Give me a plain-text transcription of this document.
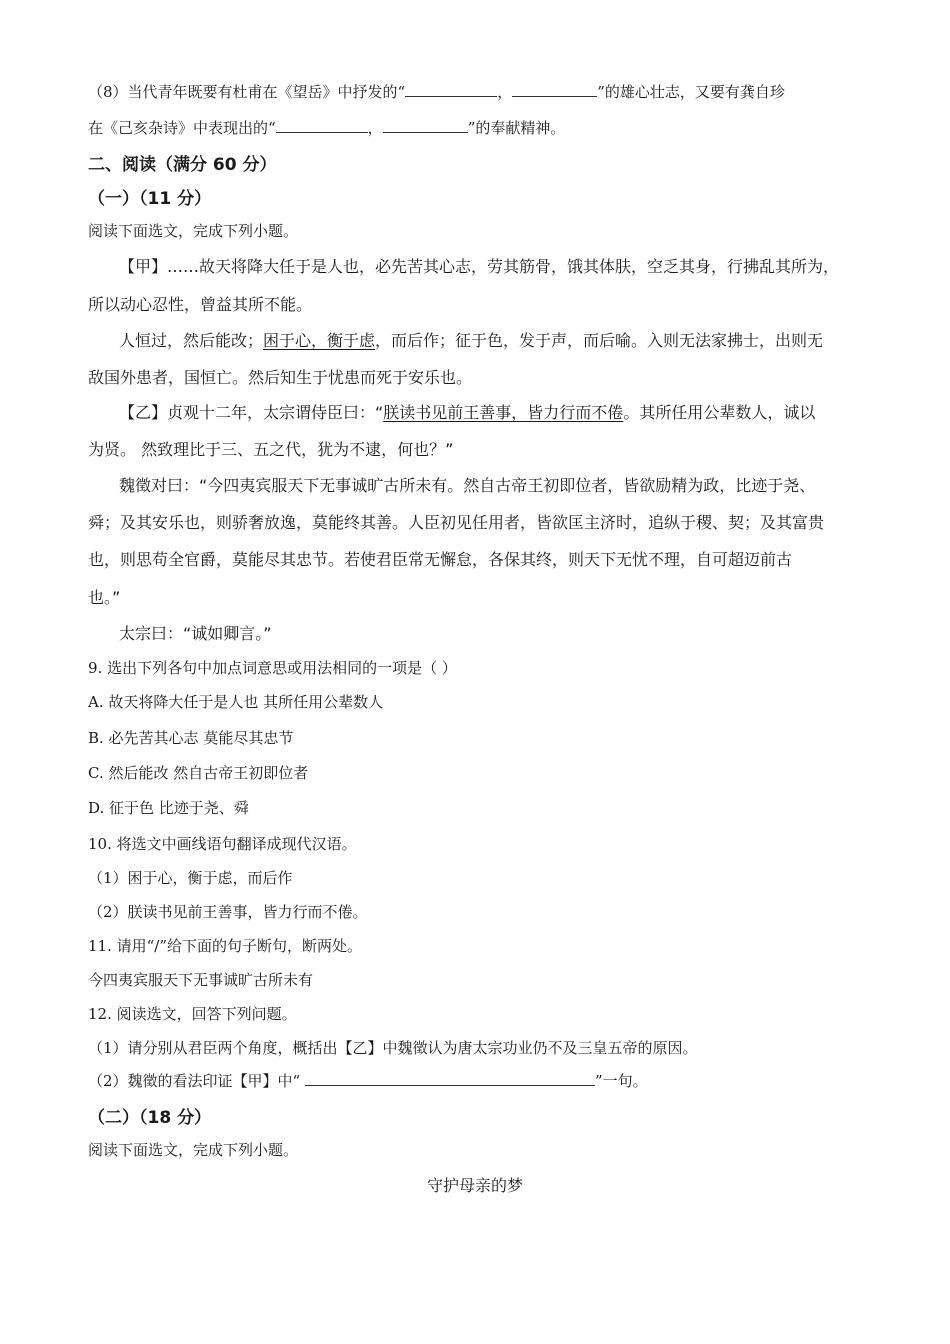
（8）当代青年既要有杜甫在《望岳》中抒发的“	，	”的雄心壮志，又要有龚自珍
在《己亥杂诗》中表现出的“	，	”的奉献精神。
二、阅读（满分 60 分）
（一）（11 分）
阅读下面选文，完成下列小题。
【甲】……故天将降大任于是人也，必先苦其心志，劳其筋骨，饿其体肤，空乏其身，行拂乱其所为，
所以动心忍性，曾益其所不能。
人恒过，然后能改；困于心，衡于虑，而后作；征于色，发于声，而后喻。入则无法家拂士，出则无
敌国外患者，国恒亡。然后知生于忧患而死于安乐也。
【乙】贞观十二年，太宗谓侍臣曰：“朕读书见前王善事，皆力行而不倦。其所任用公辈数人，诚以
为贤。 然致理比于三、五之代，犹为不逮，何也？”
魏徵对曰：“今四夷宾服天下无事诚旷古所未有。然自古帝王初即位者，皆欲励精为政，比迹于尧、
舜；及其安乐也，则骄奢放逸，莫能终其善。人臣初见任用者，皆欲匡主济时，追纵于稷、契；及其富贵
也，则思苟全官爵，莫能尽其忠节。若使君臣常无懈怠，各保其终，则天下无忧不理，自可超迈前古
也。”
太宗曰：“诚如卿言。”
9. 选出下列各句中加点词意思或用法相同的一项是（ ）
A. 故天将降大任于是人也 其所任用公辈数人
B. 必先苦其心志 莫能尽其忠节
C. 然后能改 然自古帝王初即位者
D. 征于色 比迹于尧、舜
10. 将选文中画线语句翻译成现代汉语。
（1）困于心，衡于虑，而后作
（2）朕读书见前王善事，皆力行而不倦。
11. 请用“/”给下面的句子断句，断两处。
今四夷宾服天下无事诚旷古所未有
12. 阅读选文，回答下列问题。
（1）请分别从君臣两个角度，概括出【乙】中魏徵认为唐太宗功业仍不及三皇五帝的原因。
（2）魏徵的看法印证【甲】中“	”一句。
（二）（18 分）
阅读下面选文，完成下列小题。
守护母亲的梦
